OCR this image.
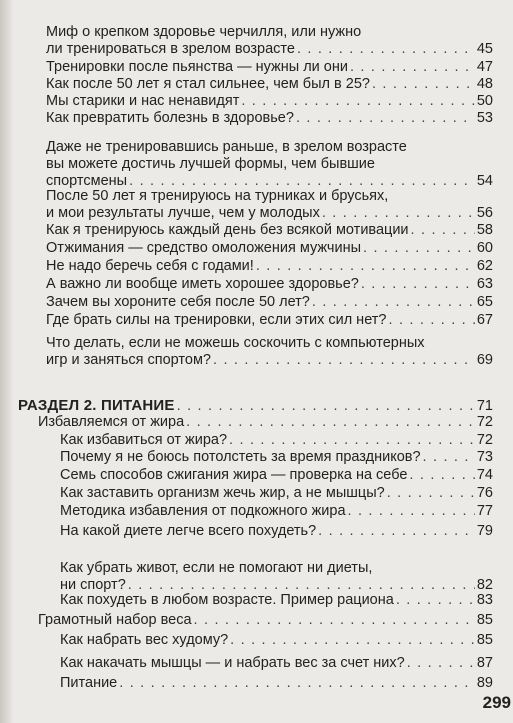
Миф о крепком здоровье черчилля, или нужно
ли тренироваться в зрелом возрасте . . .	45
Тренировки после пьянства — нужны ли они . . .	47
Как после 50 лет я стал сильнее, чем был в 25? . . .	48
Мы старики и нас ненавидят . . .	50
Как превратить болезнь в здоровье? . . .	53
Даже не тренировавшись раньше, в зрелом возрасте
вы можете достичь лучшей формы, чем бывшие
спортсмены . . .	54
После 50 лет я тренируюсь на турниках и брусьях,
и мои результаты лучше, чем у молодых . . .	56
Как я тренируюсь каждый день без всякой мотивации . . .	58
Отжимания — средство омоложения мужчины . . .	60
Не надо беречь себя с годами! . . .	62
А важно ли вообще иметь хорошее здоровье? . . .	63
Зачем вы хороните себя после 50 лет? . . .	65
Где брать силы на тренировки, если этих сил нет? . . .	67
Что делать, если не можешь соскочить с компьютерных
игр и заняться спортом? . . .	69
РАЗДЕЛ 2. ПИТАНИЕ . . .	71
Избавляемся от жира . . .	72
Как избавиться от жира? . . .	72
Почему я не боюсь потолстеть за время праздников? . . .	73
Семь способов сжигания жира — проверка на себе . . .	74
Как заставить организм жечь жир, а не мышцы? . . .	76
Методика избавления от подкожного жира . . .	77
На какой диете легче всего похудеть? . . .	79
Как убрать живот, если не помогают ни диеты,
ни спорт? . . .	82
Как похудеть в любом возрасте. Пример рациона . . .	83
Грамотный набор веса . . .	85
Как набрать вес худому? . . .	85
Как накачать мышцы — и набрать вес за счет них? . . .	87
Питание . . .	89
299
